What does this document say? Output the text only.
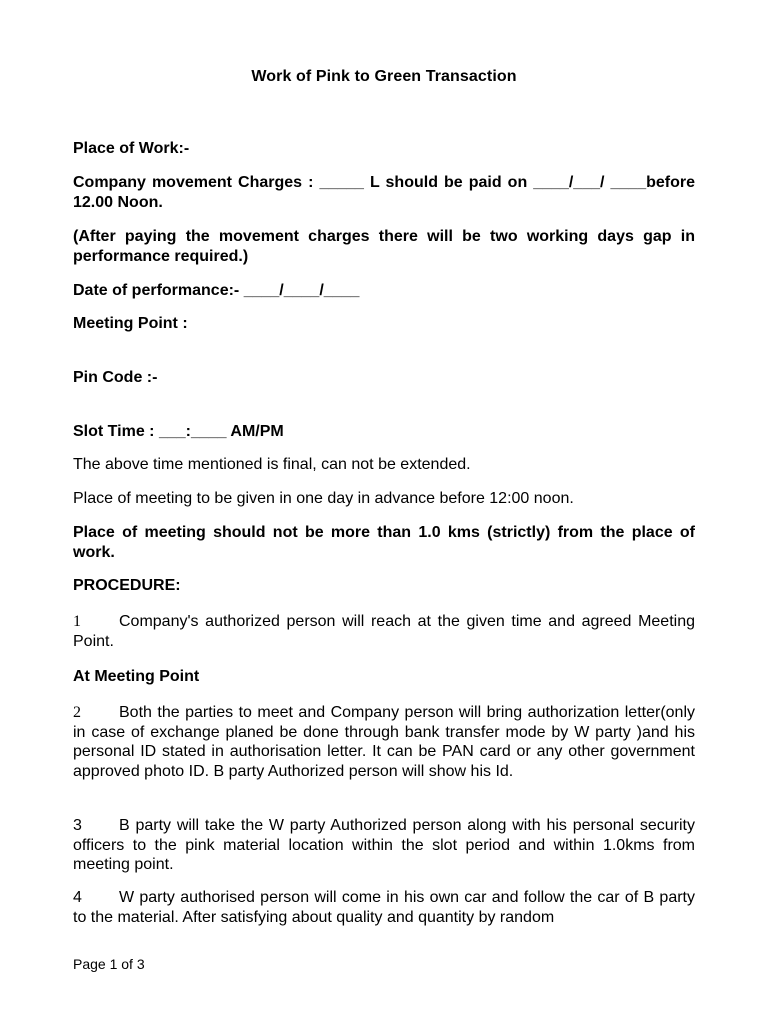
Work of Pink to Green Transaction
Place of Work:-
Company movement Charges : _____ L should be paid on ____/___/ ____before 12.00 Noon.
(After paying the movement charges there will be two working days gap in performance required.)
Date of performance:- ____/____/____
Meeting Point :
Pin Code :-
Slot Time : ___:____ AM/PM
The above time mentioned is final, can not be extended.
Place of meeting to be given in one day in advance before 12:00 noon.
Place of meeting should not be more than 1.0 kms (strictly) from the place of work.
PROCEDURE:
1 Company's authorized person will reach at the given time and agreed Meeting Point.
At Meeting Point
2 Both the parties to meet and Company person will bring authorization letter(only in case of exchange planed be done through bank transfer mode by W party )and his personal ID stated in authorisation letter. It can be PAN card or any other government approved photo ID. B party Authorized person will show his Id.
3 B party will take the W party Authorized person along with his personal security officers to the pink material location within the slot period and within 1.0kms from meeting point.
4 W party authorised person will come in his own car and follow the car of B party to the material. After satisfying about quality and quantity by random
Page 1 of 3
